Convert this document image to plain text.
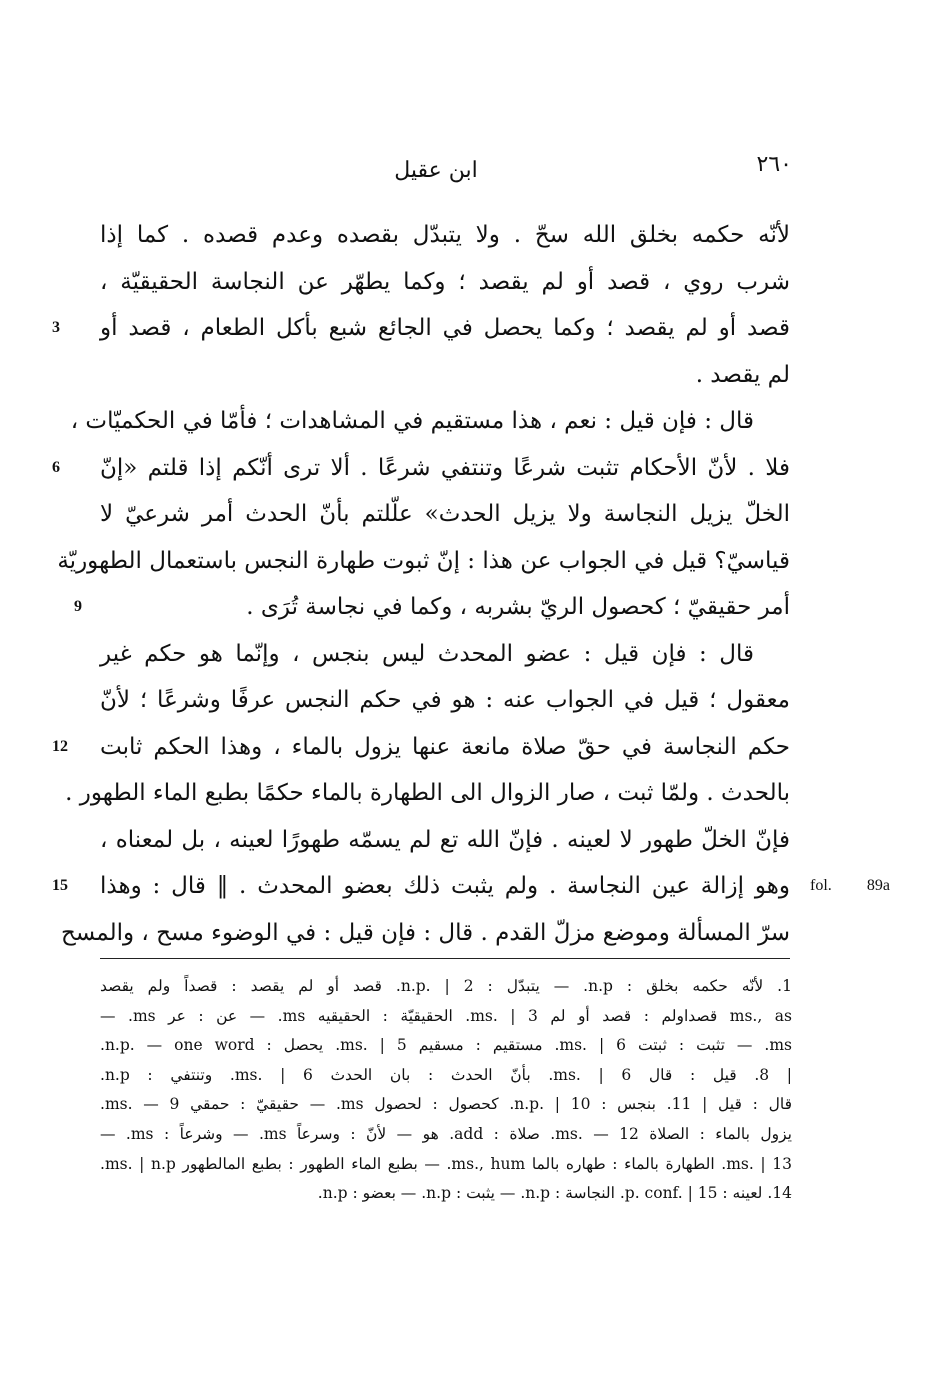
٢٦٠
ابن عقيل
لأنّه حكمه بخلق الله سحّ . ولا يتبدّل بقصده وعدم قصده . كما إذا
شرب روي ، قصد أو لم يقصد ؛ وكما يطهّر عن النجاسة الحقيقيّة ،
قصد أو لم يقصد ؛ وكما يحصل في الجائع شبع بأكل الطعام ، قصد أو
3
لم يقصد .
قال : فإن قيل : نعم ، هذا مستقيم في المشاهدات ؛ فأمّا في الحكميّات ،
فلا . لأنّ الأحكام تثبت شرعًا وتنتفي شرعًا . ألا ترى أنّكم إذا قلتم «إنّ
6
الخلّ يزيل النجاسة ولا يزيل الحدث» علّلتم بأنّ الحدث أمر شرعيّ لا
قياسيّ؟ قيل في الجواب عن هذا : إنّ ثبوت طهارة النجس باستعمال الطهوريّة
أمر حقيقيّ ؛ كحصول الريّ بشربه ، وكما في نجاسة تُرَى .
9
قال : فإن قيل : عضو المحدث ليس بنجس ، وإنّما هو حكم غير
معقول ؛ قيل في الجواب عنه : هو في حكم النجس عرفًا وشرعًا ؛ لأنّ
حكم النجاسة في حقّ صلاة مانعة عنها يزول بالماء ، وهذا الحكم ثابت
12
بالحدث . ولمّا ثبت ، صار الزوال الى الطهارة بالماء حكمًا بطبع الماء الطهور .
فإنّ الخلّ طهور لا لعينه . فإنّ الله تع لم يسمّه طهورًا لعينه ، بل لمعناه ،
وهو إزالة عين النجاسة . ولم يثبت ذلك بعضو المحدث . ‖ قال : وهذا
15	fol. 89a
سرّ المسألة وموضع مزلّ القدم . قال : فإن قيل : في الوضوء مسح ، والمسح
1. لأنّه حكمه بخلق : n.p. — يتبدّل : n.p. | 2. قصد أو لم يقصد : قصداً ولم يقصد
ms., as قصداولم : قصد أو لم ms. | 3. الحقيقيّة : الحقيقيه ms. — عن : عر ms. —
ms. — تثبت : ثبتت ms. | 6. مستقيم : مسقيم ms. | 5. يحصل : n.p. — one word.
| 8. قيل : قال ms. | 6. بأنّ الحدث : بان الحدث ms. | 6. وتنتفي : n.p.
قال : قيل | 11. بنجس : n.p. | 10. كحصول : لحصول ms. — حقيقيّ : حمقي ms. — 9.
يزول بالماء : الصلاة ms. — 12. صلاة : add. هو — لأنّ : وسرعاً ms. — وشرعاً : ms. —
ms. | 13. الطهارة بالماء : طهاره بالما ms., hum. — بطبع الماء الطهور : بطبع المالطهور ms. | n.p.
14. لعينه : p. conf. | 15. النجاسة : n.p. — يثبت : n.p. — بعضو : n.p.
